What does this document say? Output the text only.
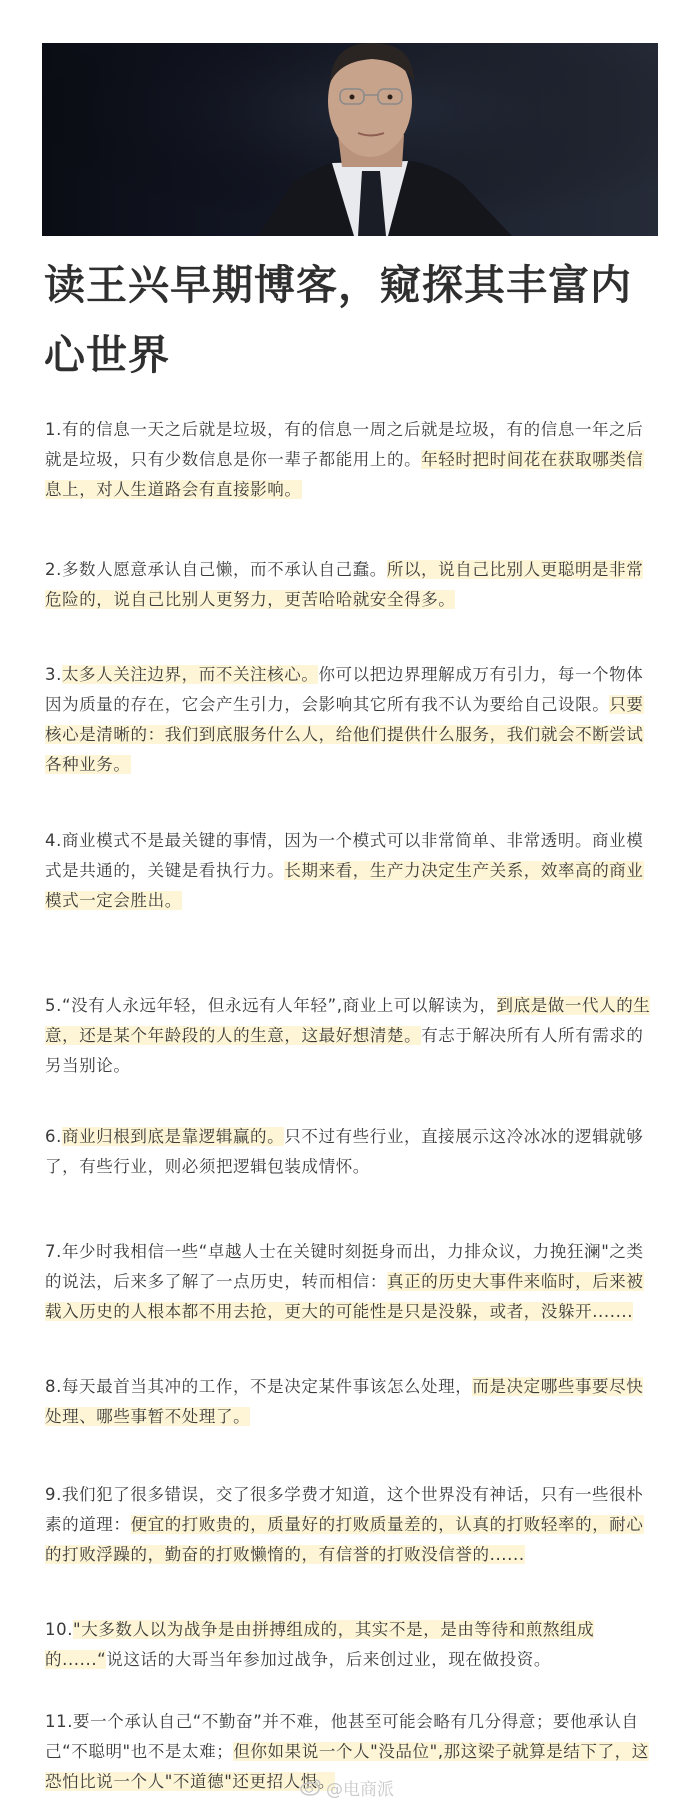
读王兴早期博客，窥探其丰富内心世界

1.有的信息一天之后就是垃圾，有的信息一周之后就是垃圾，有的信息一年之后就是垃圾，只有少数信息是你一辈子都能用上的。年轻时把时间花在获取哪类信息上，对人生道路会有直接影响。

2.多数人愿意承认自己懒，而不承认自己蠢。所以，说自己比别人更聪明是非常危险的，说自己比别人更努力，更苦哈哈就安全得多。

3.太多人关注边界，而不关注核心。你可以把边界理解成万有引力，每一个物体因为质量的存在，它会产生引力，会影响其它所有我不认为要给自己设限。只要核心是清晰的：我们到底服务什么人，给他们提供什么服务，我们就会不断尝试各种业务。

4.商业模式不是最关键的事情，因为一个模式可以非常简单、非常透明。商业模式是共通的，关键是看执行力。长期来看，生产力决定生产关系，效率高的商业模式一定会胜出。

5.“没有人永远年轻，但永远有人年轻”,商业上可以解读为，到底是做一代人的生意，还是某个年龄段的人的生意，这最好想清楚。有志于解决所有人所有需求的另当别论。

6.商业归根到底是靠逻辑赢的。只不过有些行业，直接展示这冷冰冰的逻辑就够了，有些行业，则必须把逻辑包装成情怀。

7.年少时我相信一些“卓越人士在关键时刻挺身而出，力排众议，力挽狂澜"之类的说法，后来多了解了一点历史，转而相信：真正的历史大事件来临时，后来被载入历史的人根本都不用去抢，更大的可能性是只是没躲，或者，没躲开.......

8.每天最首当其冲的工作，不是决定某件事该怎么处理，而是决定哪些事要尽快处理、哪些事暂不处理了。

9.我们犯了很多错误，交了很多学费才知道，这个世界没有神话，只有一些很朴素的道理：便宜的打败贵的，质量好的打败质量差的，认真的打败轻率的，耐心的打败浮躁的，勤奋的打败懒惰的，有信誉的打败没信誉的......

10."大多数人以为战争是由拼搏组成的，其实不是，是由等待和煎熬组成的......“说这话的大哥当年参加过战争，后来创过业，现在做投资。

11.要一个承认自己“不勤奋”并不难，他甚至可能会略有几分得意；要他承认自己“不聪明"也不是太难；但你如果说一个人"没品位",那这梁子就算是结下了，这恐怕比说一个人"不道德"还更招人恨。

@电商派
